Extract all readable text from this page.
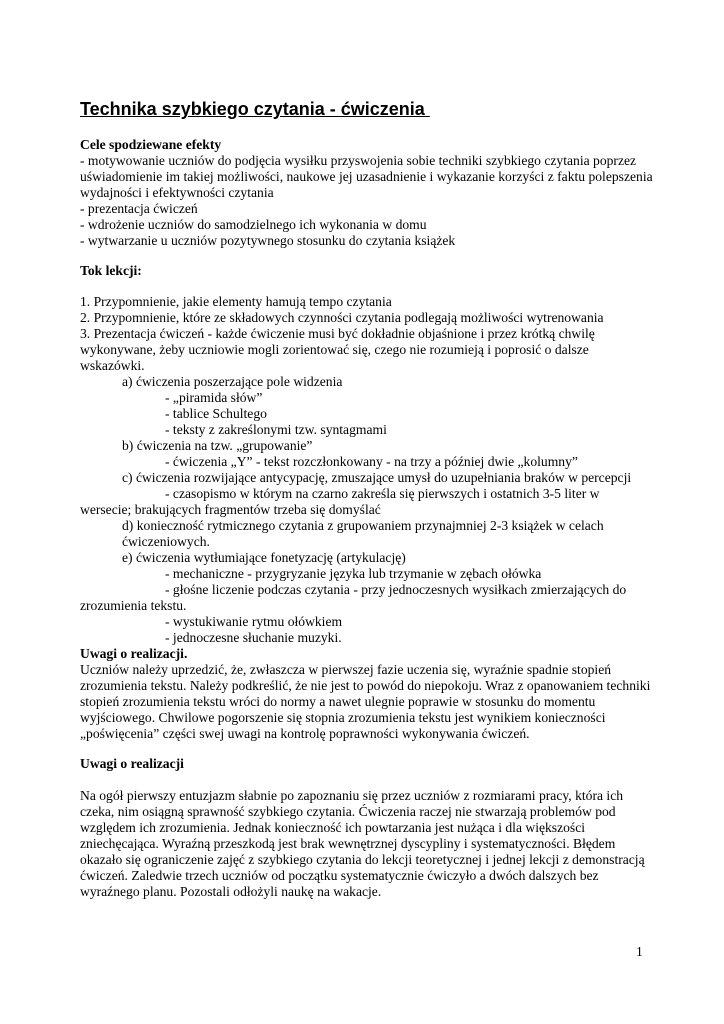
Technika szybkiego czytania - ćwiczenia

Cele spodziewane efekty

- motywowanie uczniów do podjęcia wysiłku przyswojenia sobie techniki szybkiego czytania poprzez

uświadomienie im takiej możliwości, naukowe jej uzasadnienie i wykazanie korzyści z faktu polepszenia

wydajności i efektywności czytania

- prezentacja ćwiczeń

- wdrożenie uczniów do samodzielnego ich wykonania w domu

- wytwarzanie u uczniów pozytywnego stosunku do czytania książek

Tok lekcji:

1. Przypomnienie, jakie elementy hamują tempo czytania

2. Przypomnienie, które ze składowych czynności czytania podlegają możliwości wytrenowania

3. Prezentacja ćwiczeń - każde ćwiczenie musi być dokładnie objaśnione i przez krótką chwilę

wykonywane, żeby uczniowie mogli zorientować się, czego nie rozumieją i poprosić o dalsze

wskazówki.

a) ćwiczenia poszerzające pole widzenia

- „piramida słów”

- tablice Schultego

- teksty z zakreślonymi tzw. syntagmami

b) ćwiczenia na tzw. „grupowanie”

- ćwiczenia „Y” - tekst rozczłonkowany - na trzy a później dwie „kolumny”

c) ćwiczenia rozwijające antycypację, zmuszające umysł do uzupełniania braków w percepcji

- czasopismo w którym na czarno zakreśla się pierwszych i ostatnich 3-5 liter w

wersecie; brakujących fragmentów trzeba się domyślać

d) konieczność rytmicznego czytania z grupowaniem przynajmniej 2-3 książek w celach

ćwiczeniowych.

e) ćwiczenia wytłumiające fonetyzację (artykulację)

- mechaniczne - przygryzanie języka lub trzymanie w zębach ołówka

- głośne liczenie podczas czytania - przy jednoczesnych wysiłkach zmierzających do

zrozumienia tekstu.

- wystukiwanie rytmu ołówkiem

- jednoczesne słuchanie muzyki.

Uwagi o realizacji.

Uczniów należy uprzedzić, że, zwłaszcza w pierwszej fazie uczenia się, wyraźnie spadnie stopień

zrozumienia tekstu. Należy podkreślić, że nie jest to powód do niepokoju. Wraz z opanowaniem techniki

stopień zrozumienia tekstu wróci do normy a nawet ulegnie poprawie w stosunku do momentu

wyjściowego. Chwilowe pogorszenie się stopnia zrozumienia tekstu jest wynikiem konieczności

„poświęcenia” części swej uwagi na kontrolę poprawności wykonywania ćwiczeń.

Uwagi o realizacji

Na ogół pierwszy entuzjazm słabnie po zapoznaniu się przez uczniów z rozmiarami pracy, która ich

czeka, nim osiągną sprawność szybkiego czytania. Ćwiczenia raczej nie stwarzają problemów pod

względem ich zrozumienia. Jednak konieczność ich powtarzania jest nużąca i dla większości

zniechęcająca. Wyraźną przeszkodą jest brak wewnętrznej dyscypliny i systematyczności. Błędem

okazało się ograniczenie zajęć z szybkiego czytania do lekcji teoretycznej i jednej lekcji z demonstracją

ćwiczeń. Zaledwie trzech uczniów od początku systematycznie ćwiczyło a dwóch dalszych bez

wyraźnego planu. Pozostali odłożyli naukę na wakacje.

1
